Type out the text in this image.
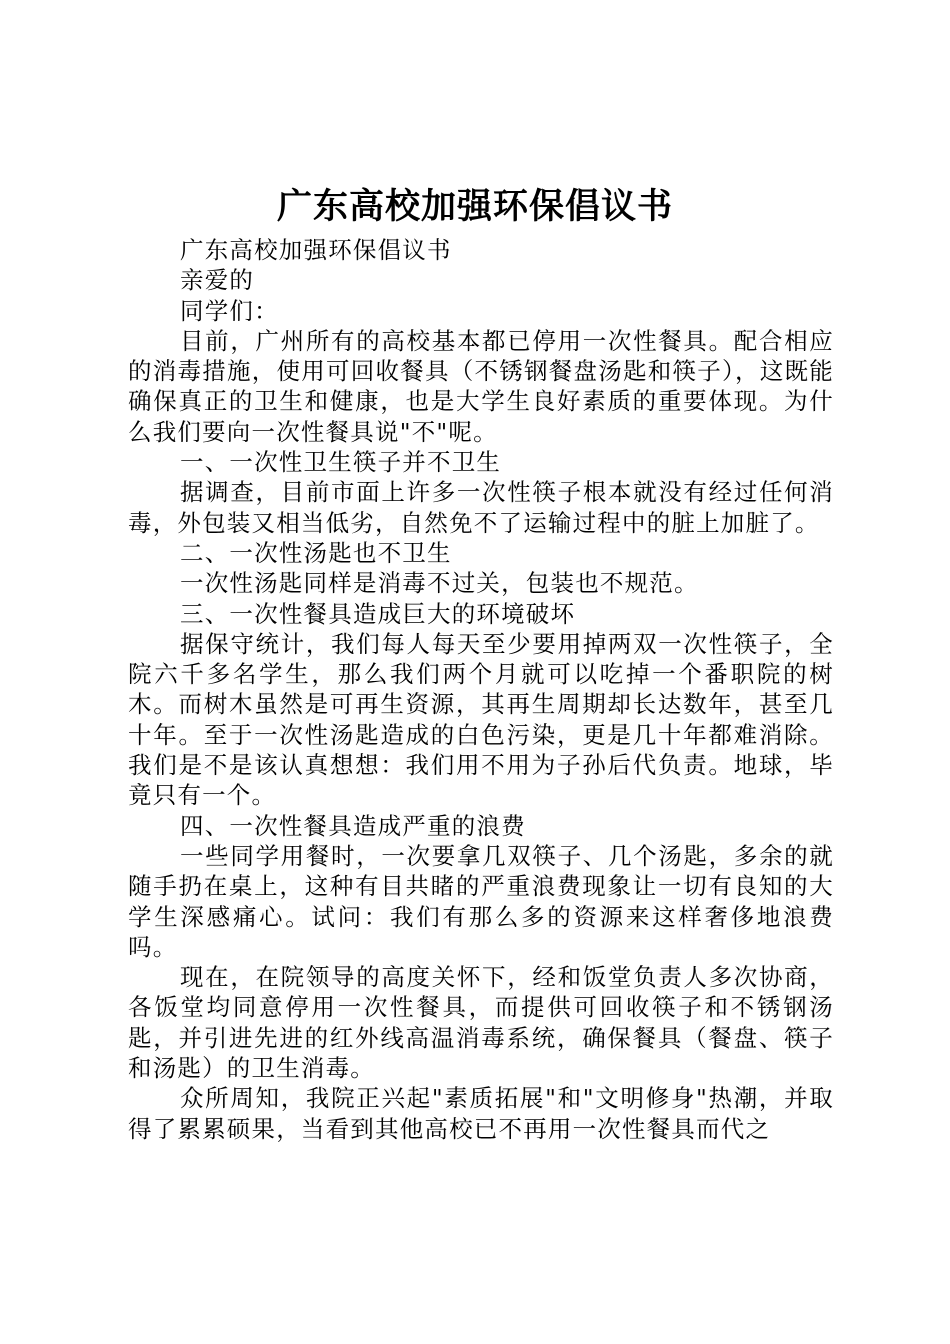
广东高校加强环保倡议书

广东高校加强环保倡议书

亲爱的

同学们：

目前，广州所有的高校基本都已停用一次性餐具。配合相应的消毒措施，使用可回收餐具（不锈钢餐盘汤匙和筷子），这既能确保真正的卫生和健康，也是大学生良好素质的重要体现。为什么我们要向一次性餐具说"不"呢。

一、一次性卫生筷子并不卫生

据调查，目前市面上许多一次性筷子根本就没有经过任何消毒，外包装又相当低劣，自然免不了运输过程中的脏上加脏了。

二、一次性汤匙也不卫生

一次性汤匙同样是消毒不过关，包装也不规范。

三、一次性餐具造成巨大的环境破坏

据保守统计，我们每人每天至少要用掉两双一次性筷子，全院六千多名学生，那么我们两个月就可以吃掉一个番职院的树木。而树木虽然是可再生资源，其再生周期却长达数年，甚至几十年。至于一次性汤匙造成的白色污染，更是几十年都难消除。我们是不是该认真想想：我们用不用为子孙后代负责。地球，毕竟只有一个。

四、一次性餐具造成严重的浪费

一些同学用餐时，一次要拿几双筷子、几个汤匙，多余的就随手扔在桌上，这种有目共睹的严重浪费现象让一切有良知的大学生深感痛心。试问：我们有那么多的资源来这样奢侈地浪费吗。

现在，在院领导的高度关怀下，经和饭堂负责人多次协商，各饭堂均同意停用一次性餐具，而提供可回收筷子和不锈钢汤匙，并引进先进的红外线高温消毒系统，确保餐具（餐盘、筷子和汤匙）的卫生消毒。

众所周知，我院正兴起"素质拓展"和"文明修身"热潮，并取得了累累硕果，当看到其他高校已不再用一次性餐具而代之
